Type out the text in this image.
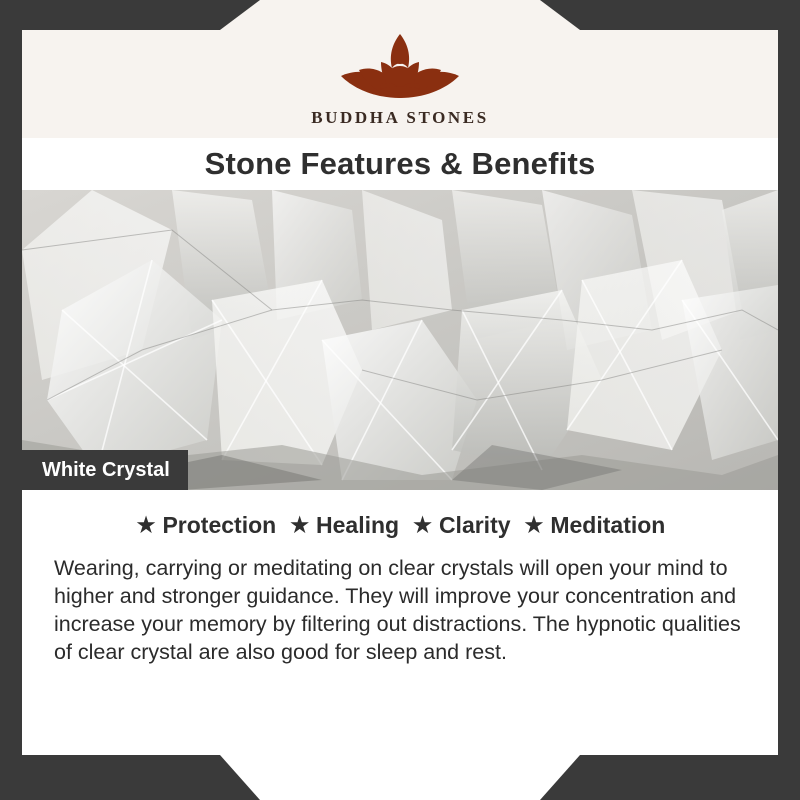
BUDDHA STONES
Stone Features & Benefits
White Crystal
★ Protection ★ Healing ★ Clarity ★ Meditation

Wearing, carrying or meditating on clear crystals will open your mind to higher and stronger guidance. They will improve your concentration and increase your memory by filtering out distractions. The hypnotic qualities of clear crystal are also good for sleep and rest.
